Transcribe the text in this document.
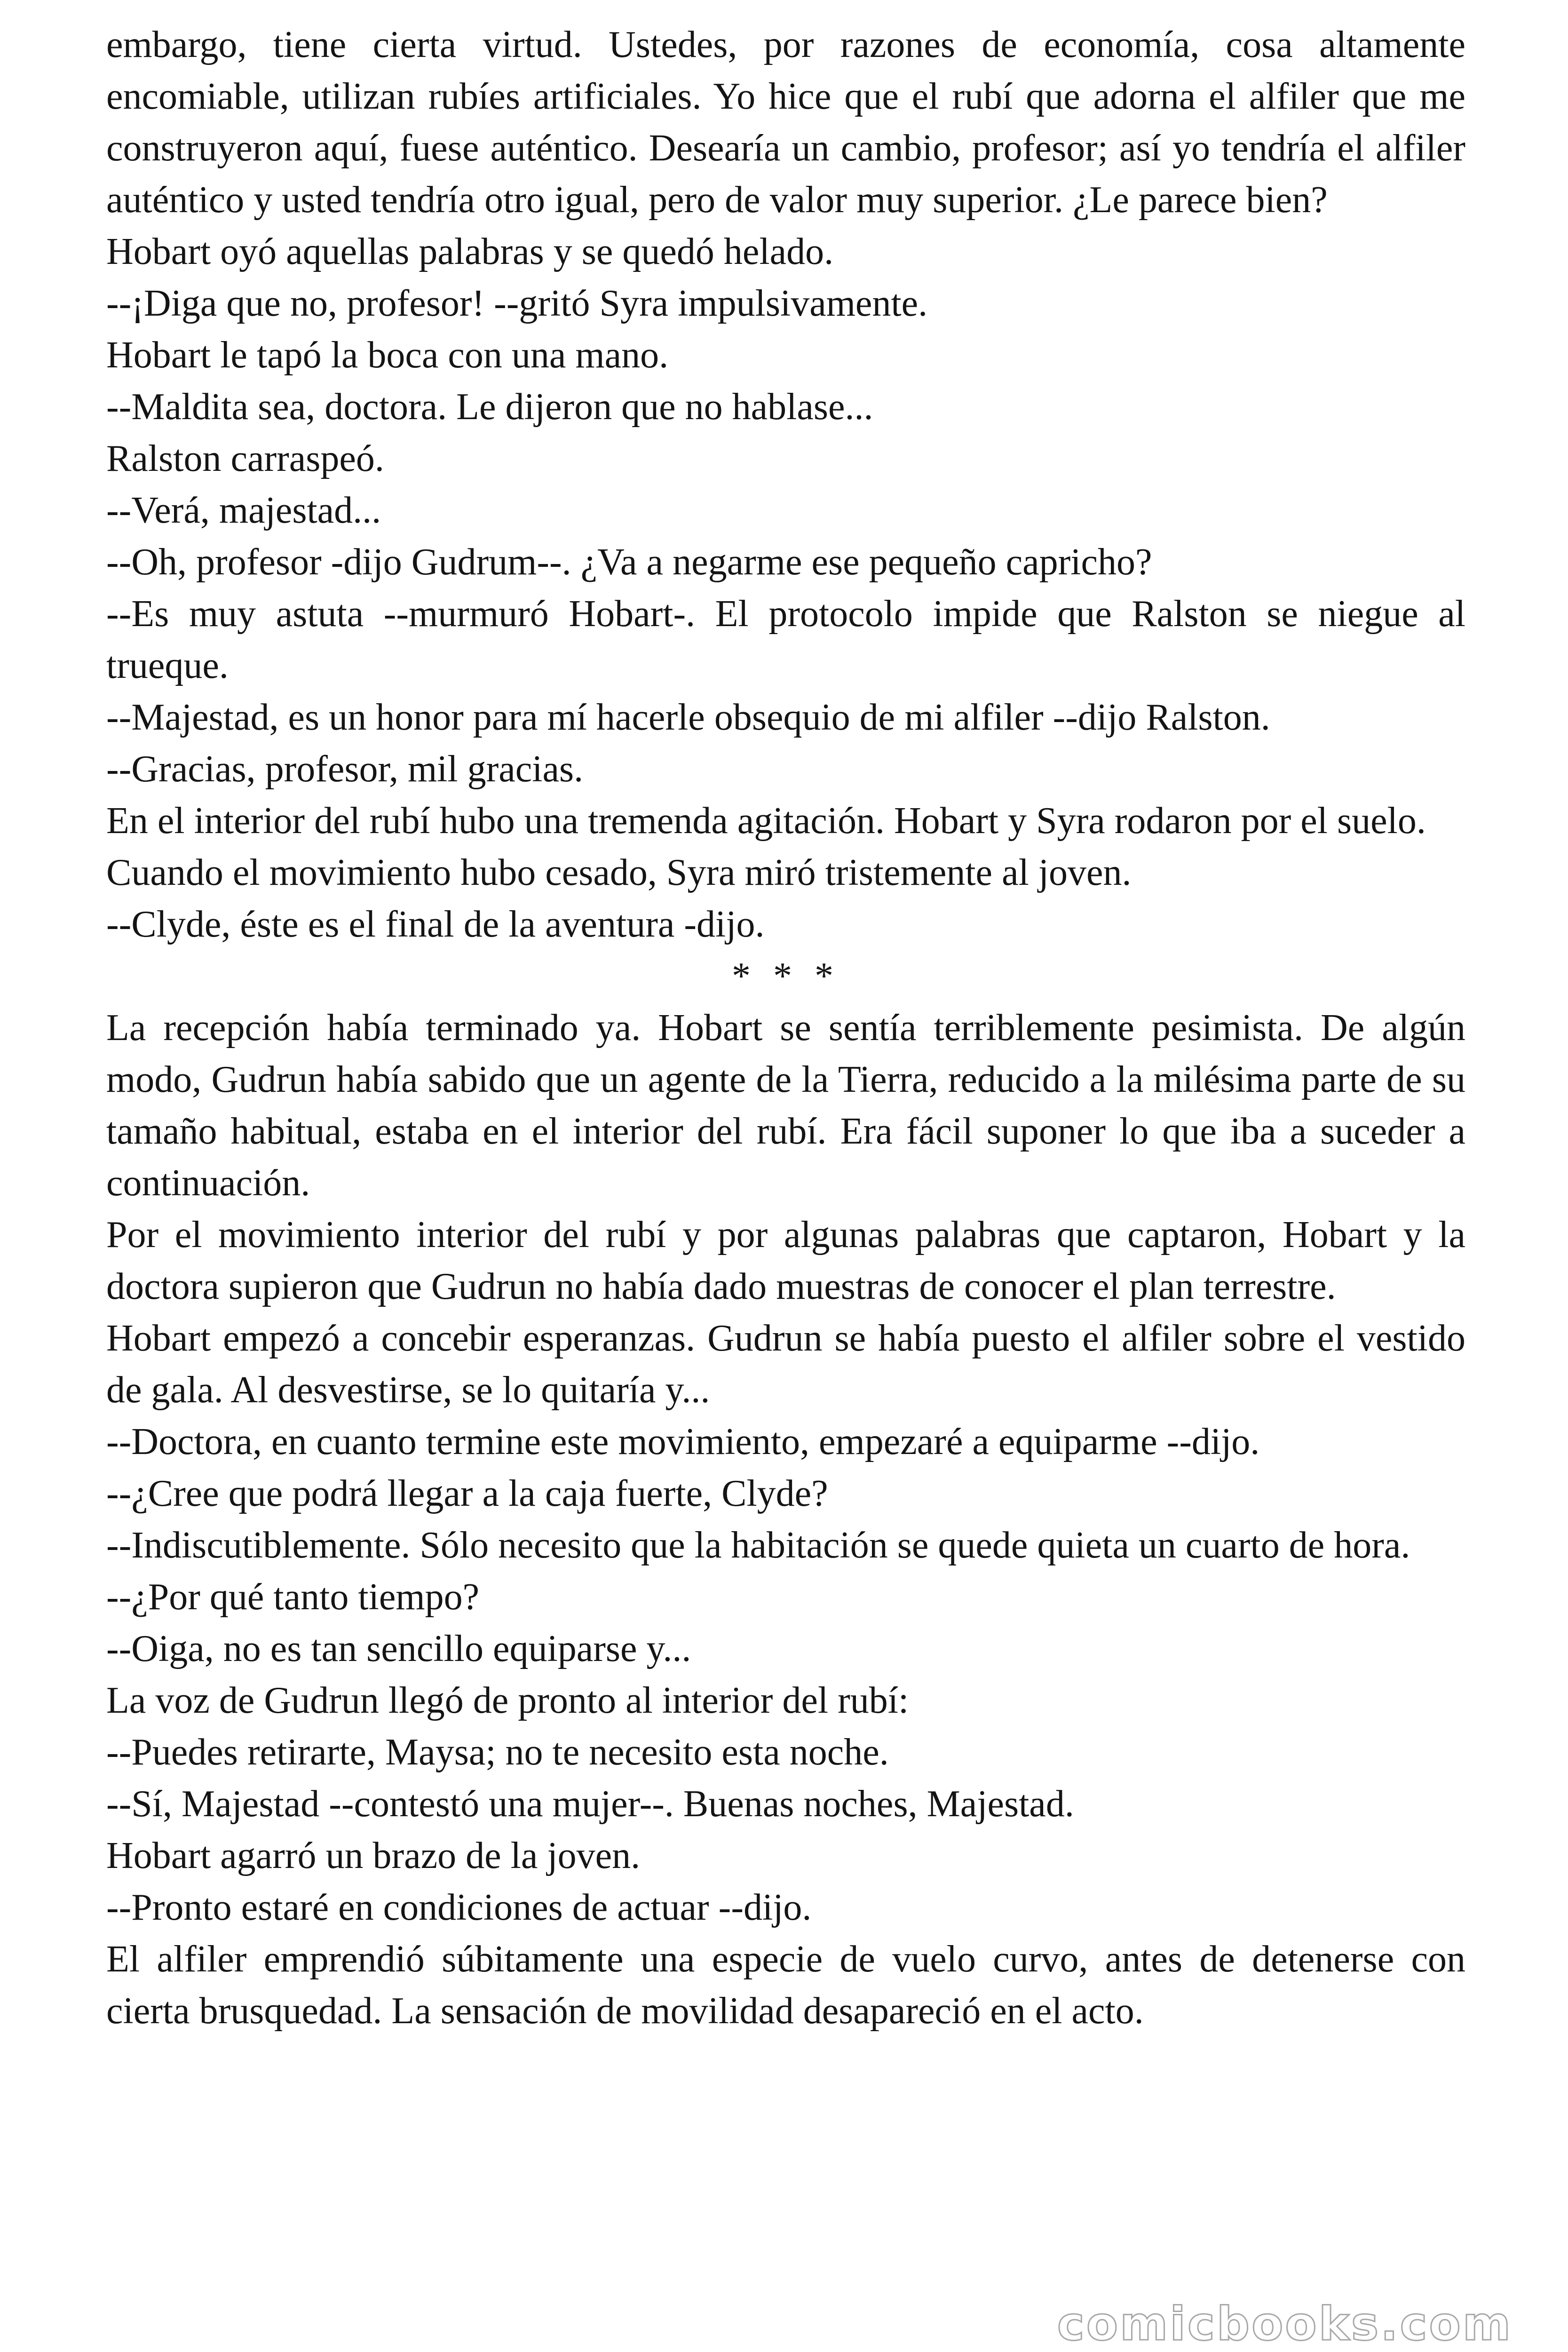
embargo, tiene cierta virtud. Ustedes, por razones de economía, cosa altamente encomiable, utilizan rubíes artificiales. Yo hice que el rubí que adorna el alfiler que me construyeron aquí, fuese auténtico. Desearía un cambio, profesor; así yo tendría el alfiler auténtico y usted tendría otro igual, pero de valor muy superior. ¿Le parece bien?

Hobart oyó aquellas palabras y se quedó helado.

--¡Diga que no, profesor! --gritó Syra impulsivamente.

Hobart le tapó la boca con una mano.

--Maldita sea, doctora. Le dijeron que no hablase...

Ralston carraspeó.

--Verá, majestad...

--Oh, profesor -dijo Gudrum--. ¿Va a negarme ese pequeño capricho?

--Es muy astuta --murmuró Hobart-. El protocolo impide que Ralston se niegue al trueque.

--Majestad, es un honor para mí hacerle obsequio de mi alfiler --dijo Ralston.

--Gracias, profesor, mil gracias.

En el interior del rubí hubo una tremenda agitación. Hobart y Syra rodaron por el suelo.

Cuando el movimiento hubo cesado, Syra miró tristemente al joven.

--Clyde, éste es el final de la aventura -dijo.

* * *

La recepción había terminado ya. Hobart se sentía terriblemente pesimista. De algún modo, Gudrun había sabido que un agente de la Tierra, reducido a la milésima parte de su tamaño habitual, estaba en el interior del rubí. Era fácil suponer lo que iba a suceder a continuación.

Por el movimiento interior del rubí y por algunas palabras que captaron, Hobart y la doctora supieron que Gudrun no había dado muestras de conocer el plan terrestre.

Hobart empezó a concebir esperanzas. Gudrun se había puesto el alfiler sobre el vestido de gala. Al desvestirse, se lo quitaría y...

--Doctora, en cuanto termine este movimiento, empezaré a equiparme --dijo.

--¿Cree que podrá llegar a la caja fuerte, Clyde?

--Indiscutiblemente. Sólo necesito que la habitación se quede quieta un cuarto de hora.

--¿Por qué tanto tiempo?

--Oiga, no es tan sencillo equiparse y...

La voz de Gudrun llegó de pronto al interior del rubí:

--Puedes retirarte, Maysa; no te necesito esta noche.

--Sí, Majestad --contestó una mujer--. Buenas noches, Majestad.

Hobart agarró un brazo de la joven.

--Pronto estaré en condiciones de actuar --dijo.

El alfiler emprendió súbitamente una especie de vuelo curvo, antes de detenerse con cierta brusquedad. La sensación de movilidad desapareció en el acto.

comicbooks.com
